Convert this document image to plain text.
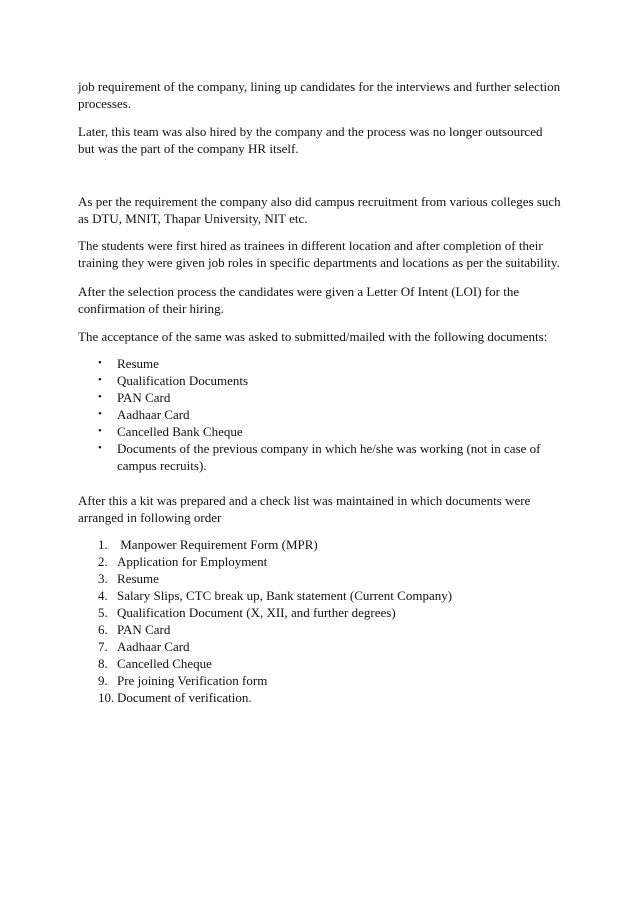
job requirement of the company, lining up candidates for the interviews and further selection processes.

Later, this team was also hired by the company and the process was no longer outsourced but was the part of the company HR itself.

As per the requirement the company also did campus recruitment from various colleges such as DTU, MNIT, Thapar University, NIT etc.

The students were first hired as trainees in different location and after completion of their training they were given job roles in specific departments and locations as per the suitability.

After the selection process the candidates were given a Letter Of Intent (LOI) for the confirmation of their hiring.

The acceptance of the same was asked to submitted/mailed with the following documents:

• Resume
• Qualification Documents
• PAN Card
• Aadhaar Card
• Cancelled Bank Cheque
• Documents of the previous company in which he/she was working (not in case of campus recruits).

After this a kit was prepared and a check list was maintained in which documents were arranged in following order

1. Manpower Requirement Form (MPR)
2. Application for Employment
3. Resume
4. Salary Slips, CTC break up, Bank statement (Current Company)
5. Qualification Document (X, XII, and further degrees)
6. PAN Card
7. Aadhaar Card
8. Cancelled Cheque
9. Pre joining Verification form
10. Document of verification.
